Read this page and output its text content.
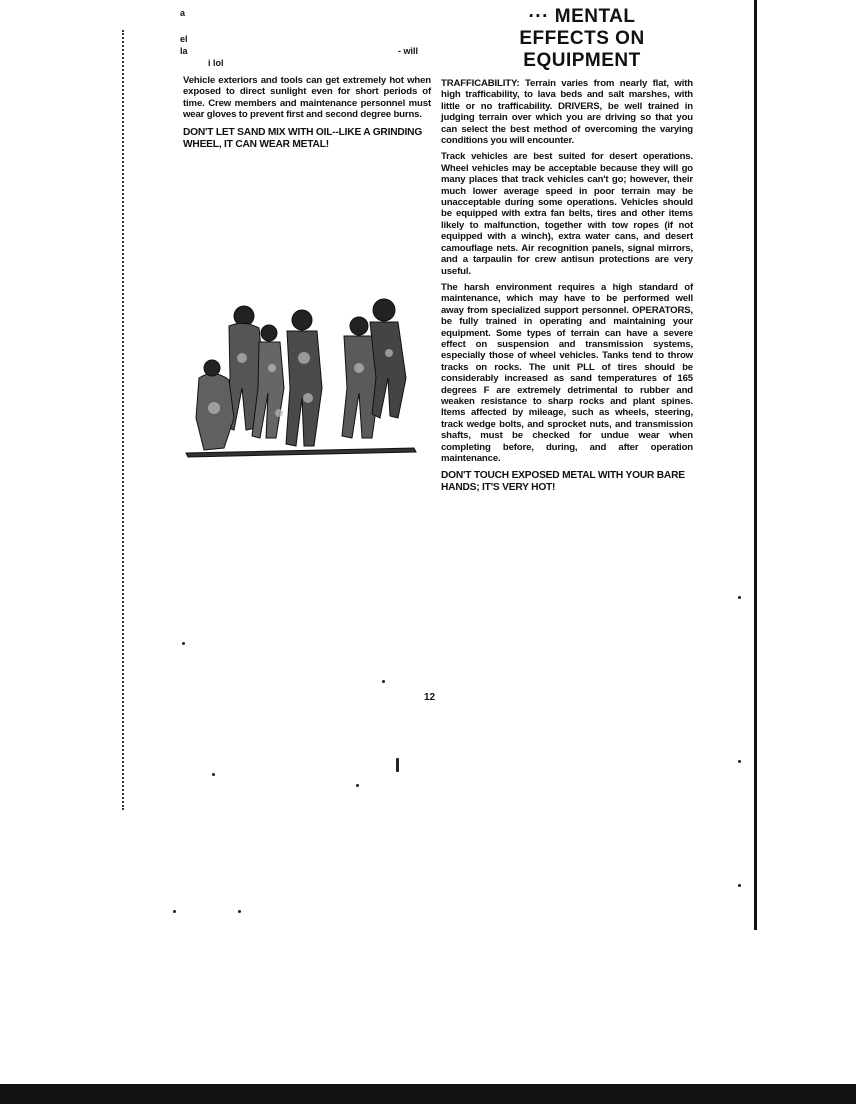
a
el
la
i lol
- will
··· MENTAL
EFFECTS ON
EQUIPMENT

Vehicle exteriors and tools can get extremely hot when exposed to direct sunlight even for short periods of time. Crew members and maintenance personnel must wear gloves to prevent first and second degree burns.

DON'T LET SAND MIX WITH OIL--LIKE A GRINDING WHEEL, IT CAN WEAR METAL!

TRAFFICABILITY: Terrain varies from nearly flat, with high trafficability, to lava beds and salt marshes, with little or no trafficability. DRIVERS, be well trained in judging terrain over which you are driving so that you can select the best method of overcoming the varying conditions you will encounter.

Track vehicles are best suited for desert operations. Wheel vehicles may be acceptable because they will go many places that track vehicles can't go; however, their much lower average speed in poor terrain may be unacceptable during some operations. Vehicles should be equipped with extra fan belts, tires and other items likely to malfunction, together with tow ropes (if not equipped with a winch), extra water cans, and desert camouflage nets. Air recognition panels, signal mirrors, and a tarpaulin for crew antisun protections are very useful.

The harsh environment requires a high standard of maintenance, which may have to be performed well away from specialized support personnel. OPERATORS, be fully trained in operating and maintaining your equipment. Some types of terrain can have a severe effect on suspension and transmission systems, especially those of wheel vehicles. Tanks tend to throw tracks on rocks. The unit PLL of tires should be considerably increased as sand temperatures of 165 degrees F are extremely detrimental to rubber and weaken resistance to sharp rocks and plant spines. Items affected by mileage, such as wheels, steering, track wedge bolts, and sprocket nuts, and transmission shafts, must be checked for undue wear when completing before, during, and after operation maintenance.

DON'T TOUCH EXPOSED METAL WITH YOUR BARE HANDS; IT'S VERY HOT!

12
